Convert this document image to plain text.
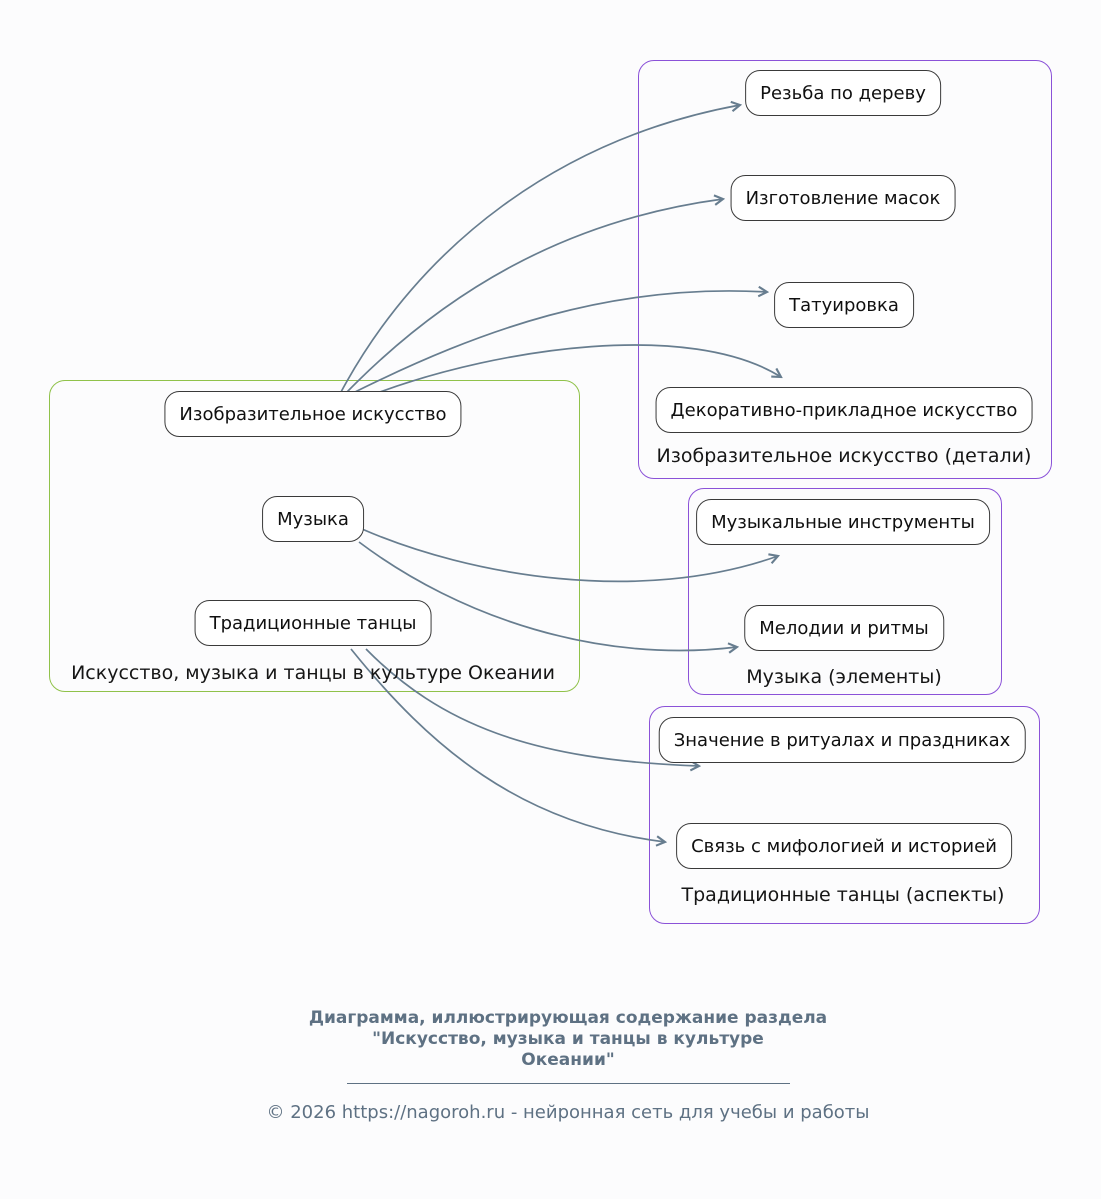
Изобразительное искусство
Музыка
Традиционные танцы
Искусство, музыка и танцы в культуре Океании
Резьба по дереву
Изготовление масок
Татуировка
Декоративно-прикладное искусство
Изобразительное искусство (детали)
Музыкальные инструменты
Мелодии и ритмы
Музыка (элементы)
Значение в ритуалах и праздниках
Связь с мифологией и историей
Традиционные танцы (аспекты)
Диаграмма, иллюстрирующая содержание раздела
"Искусство, музыка и танцы в культуре
Океании"
© 2026 https://nagoroh.ru - нейронная сеть для учебы и работы
